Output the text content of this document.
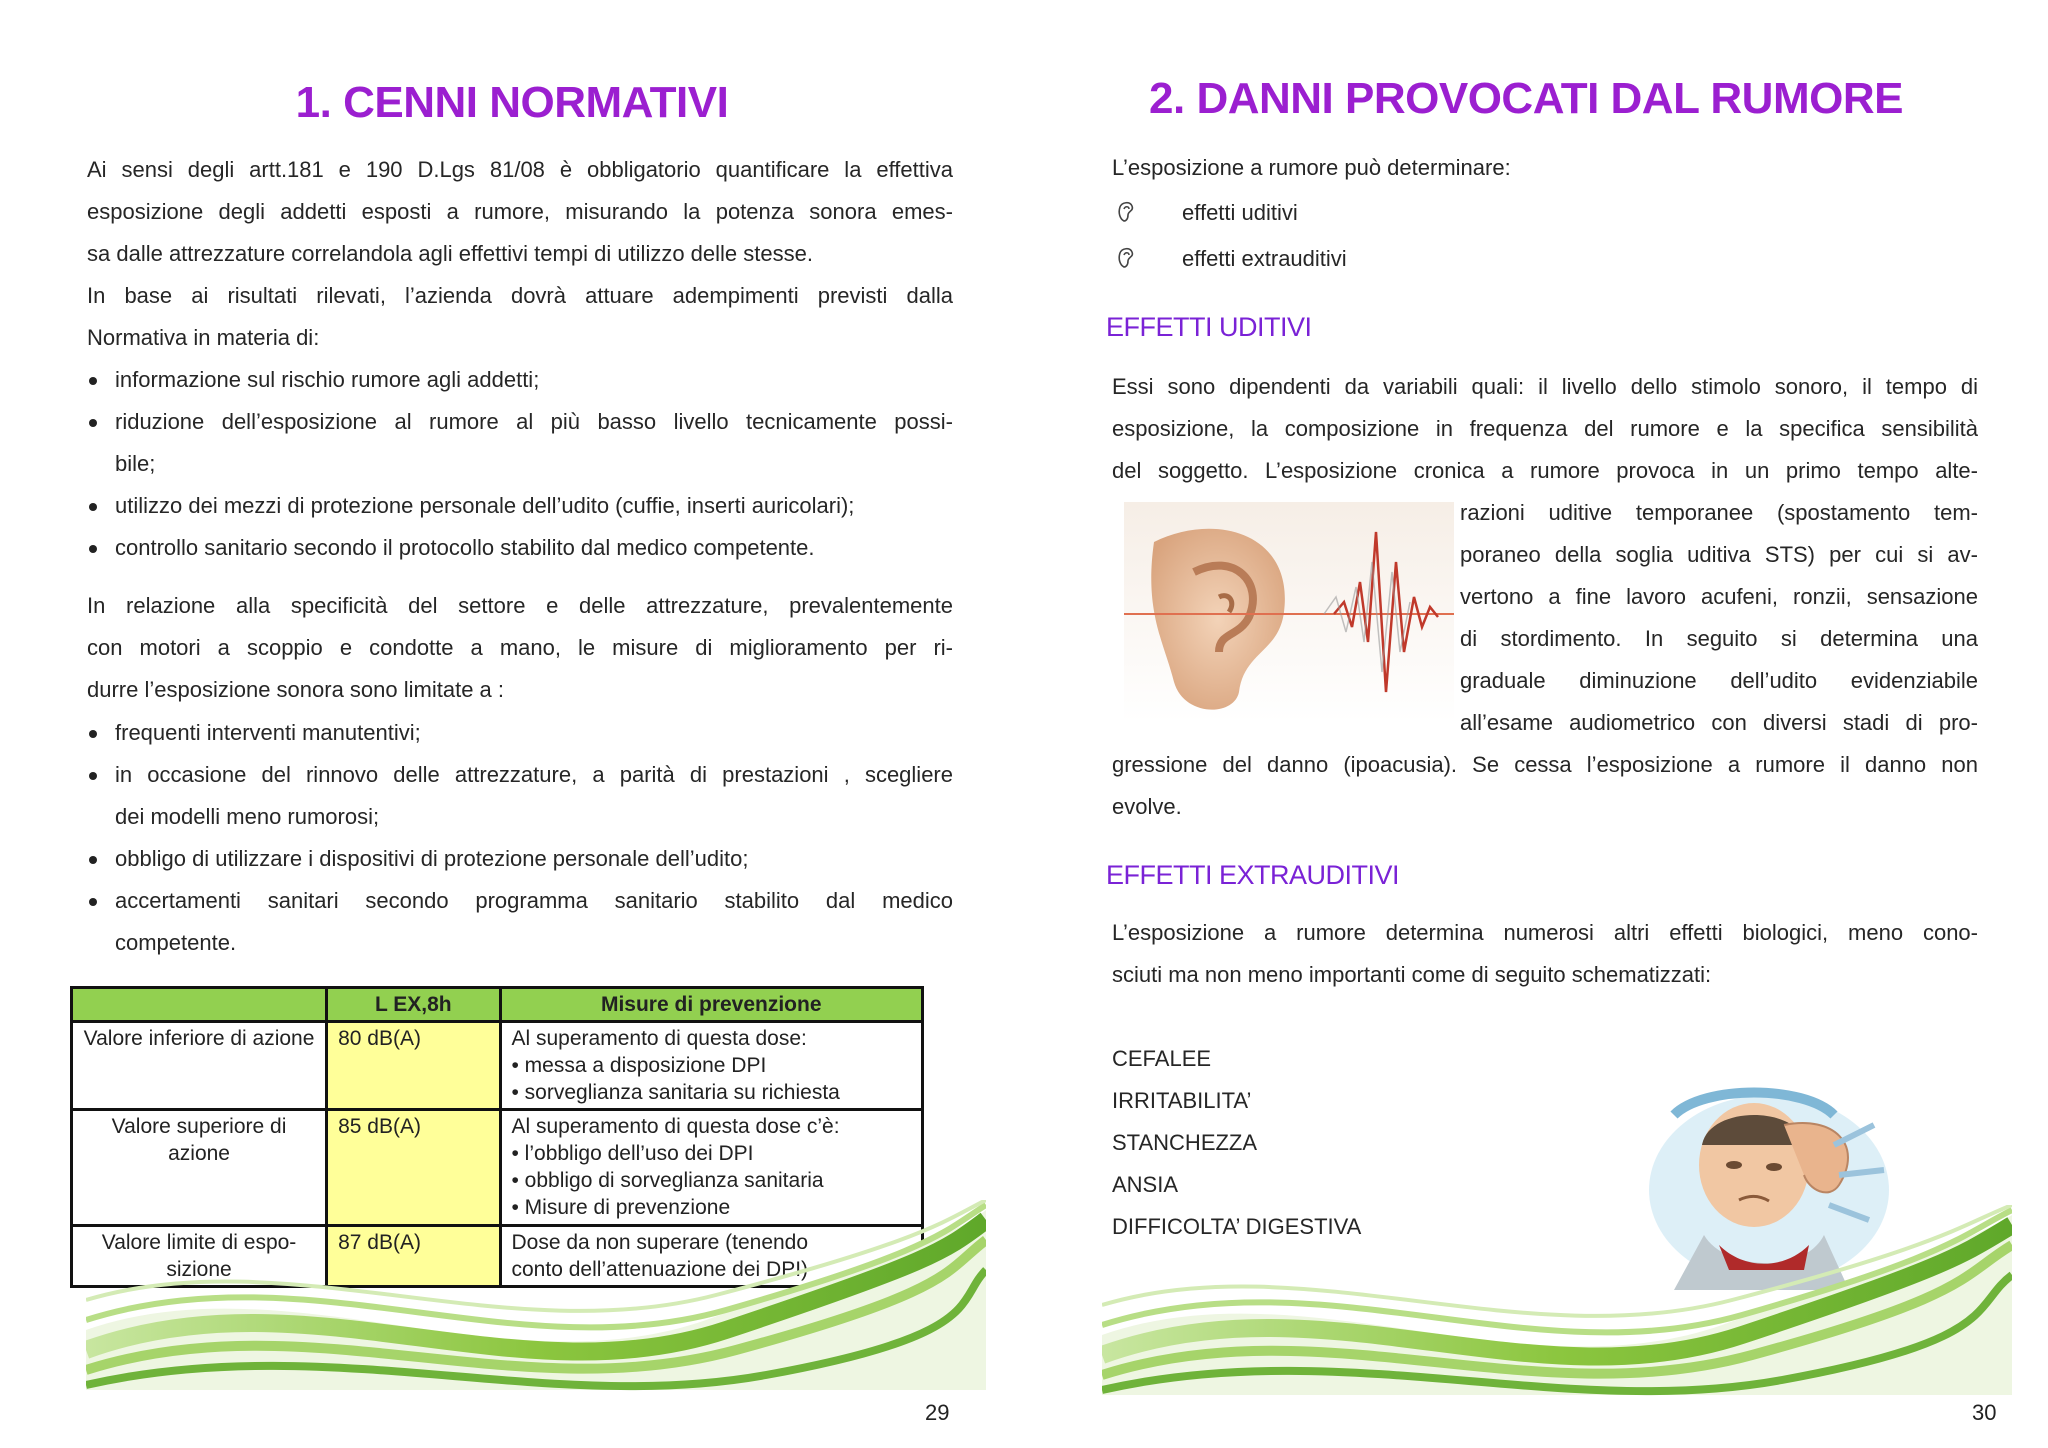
1. CENNI NORMATIVI
Ai sensi degli artt.181 e 190 D.Lgs 81/08 è obbligatorio quantificare la effettiva
esposizione degli addetti esposti a rumore, misurando la potenza sonora emes-
sa dalle attrezzature correlandola agli effettivi tempi di utilizzo delle stesse.
In base ai risultati rilevati, l’azienda dovrà attuare adempimenti previsti dalla
Normativa in materia di:
informazione sul rischio rumore agli addetti;
riduzione dell’esposizione al rumore al più basso livello tecnicamente possi-
bile;
utilizzo dei mezzi di protezione personale dell’udito (cuffie, inserti auricolari);
controllo sanitario secondo il protocollo stabilito dal medico competente.
In relazione alla specificità del settore e delle attrezzature, prevalentemente
con motori a scoppio e condotte a mano, le misure di miglioramento per ri-
durre l’esposizione sonora sono limitate a :
frequenti interventi manutentivi;
in occasione del rinnovo delle attrezzature, a parità di prestazioni , scegliere
dei modelli meno rumorosi;
obbligo di utilizzare i dispositivi di protezione personale dell’udito;
accertamenti sanitari secondo programma sanitario stabilito dal medico
competente.
	L EX,8h	Misure di prevenzione
Valore inferiore di azione	80 dB(A)	Al superamento di questa dose:
• messa a disposizione DPI
• sorveglianza sanitaria su richiesta

Valore superiore di azione	85 dB(A)	Al superamento di questa dose c’è:
• l’obbligo dell’uso dei DPI
• obbligo di sorveglianza sanitaria
• Misure di prevenzione

Valore limite di espo-sizione	87 dB(A)	Dose da non superare (tenendo
conto dell’attenuazione dei DPI)
29
2. DANNI PROVOCATI DAL RUMORE
L’esposizione a rumore può determinare:
effetti uditivi
effetti extrauditivi
EFFETTI UDITIVI
Essi sono dipendenti da variabili quali: il livello dello stimolo sonoro, il tempo di
esposizione, la composizione in frequenza del rumore e la specifica sensibilità
del soggetto. L’esposizione cronica a rumore provoca in un primo tempo alte-
razioni uditive temporanee (spostamento tem-
poraneo della soglia uditiva STS) per cui si av-
vertono a fine lavoro acufeni, ronzii, sensazione
di stordimento. In seguito si determina una
graduale diminuzione dell’udito evidenziabile
all’esame audiometrico con diversi stadi di pro-
gressione del danno (ipoacusia). Se cessa l’esposizione a rumore il danno non
evolve.
EFFETTI EXTRAUDITIVI
L’esposizione a rumore determina numerosi altri effetti biologici, meno cono-
sciuti ma non meno importanti come di seguito schematizzati:
CEFALEE
IRRITABILITA’
STANCHEZZA
ANSIA
DIFFICOLTA’ DIGESTIVA
30
